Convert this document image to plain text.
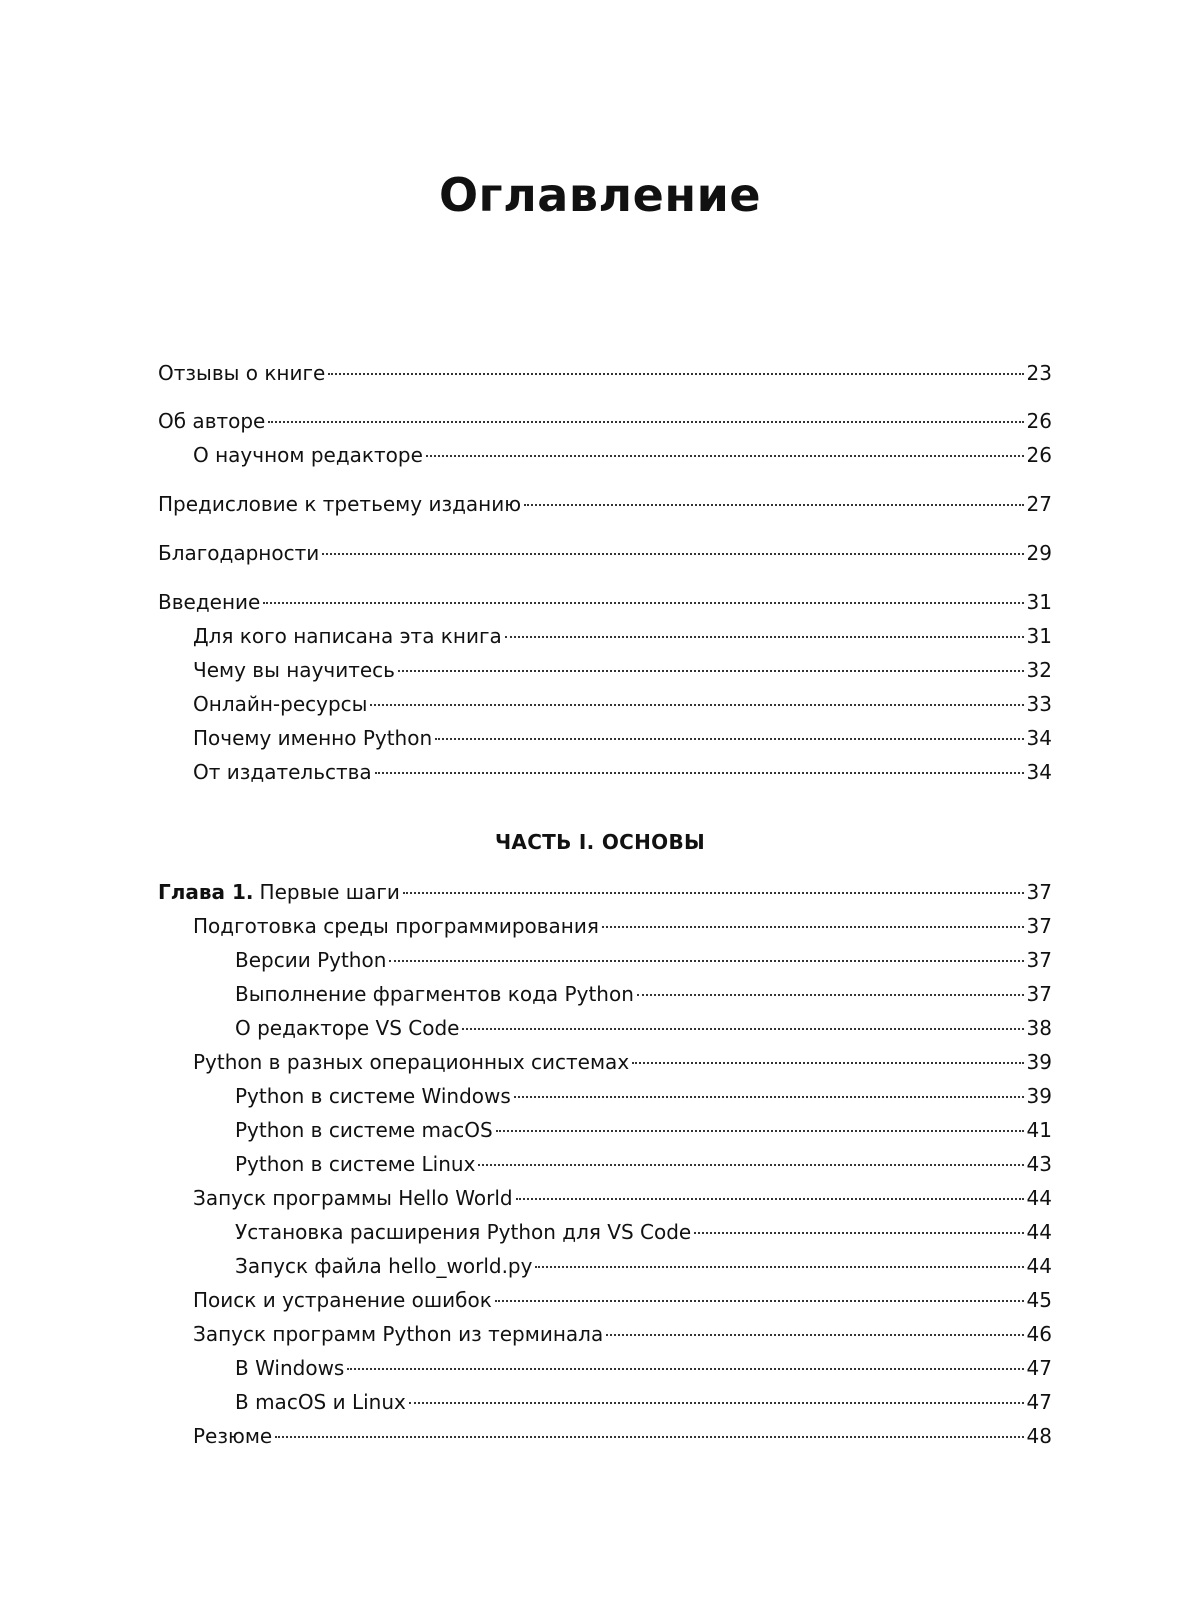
Оглавление
Отзывы о книге	23
Об авторе	26
О научном редакторе	26
Предисловие к третьему изданию	27
Благодарности	29
Введение	31
Для кого написана эта книга	31
Чему вы научитесь	32
Онлайн-ресурсы	33
Почему именно Python	34
От издательства	34
ЧАСТЬ I. ОСНОВЫ
Глава 1. Первые шаги	37
Подготовка среды программирования	37
Версии Python	37
Выполнение фрагментов кода Python	37
О редакторе VS Code	38
Python в разных операционных системах	39
Python в системе Windows	39
Python в системе macOS	41
Python в системе Linux	43
Запуск программы Hello World	44
Установка расширения Python для VS Code	44
Запуск файла hello_world.py	44
Поиск и устранение ошибок	45
Запуск программ Python из терминала	46
В Windows	47
В macOS и Linux	47
Резюме	48
